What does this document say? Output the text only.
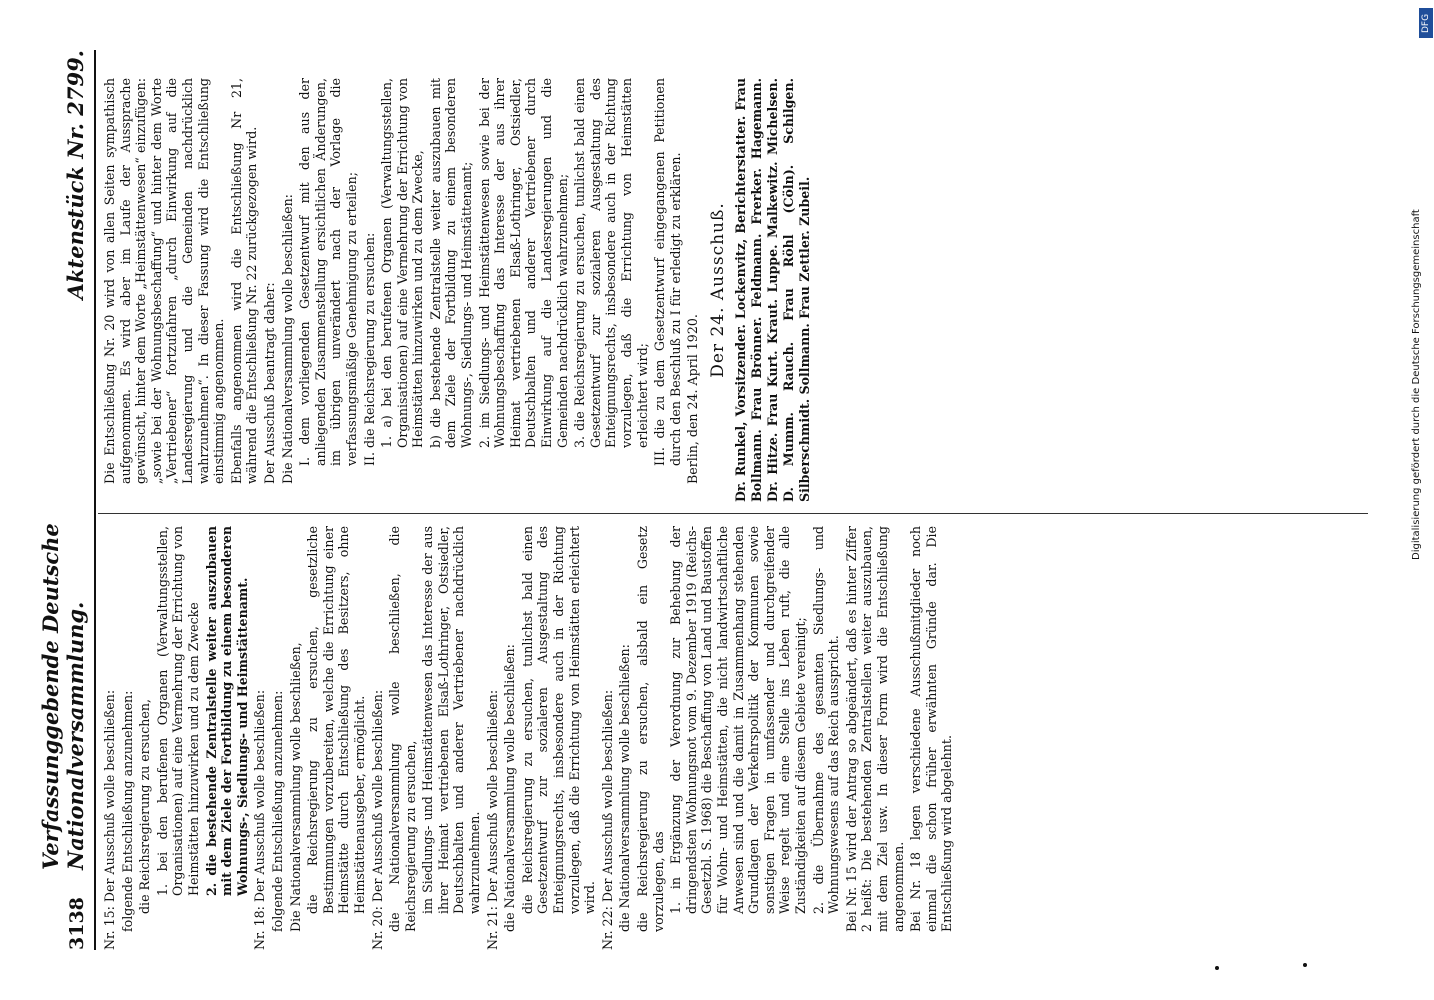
3138
Verfassunggebende Deutsche Nationalversammlung.
Aktenstück Nr. 2799.

Nr. 15: Der Ausschuß wolle beschließen: folgende Entschließung anzunehmen: die Reichsregierung zu ersuchen, 1. bei den berufenen Organen (Verwaltungsstellen, Organisationen) auf eine Vermehrung der Errichtung von Heimstätten hinzuwirken und zu dem Zwecke 2. die bestehende Zentralstelle weiter auszubauen mit dem Ziele der Fortbildung zu einem besonderen Wohnungs-, Siedlungs- und Heimstättenamt. Nr. 18: Der Ausschuß wolle beschließen: folgende Entschließung anzunehmen: Die Nationalversammlung wolle beschließen, die Reichsregierung zu ersuchen, gesetzliche Bestimmungen vorzubereiten, welche die Errichtung einer Heimstätte durch Entschließung des Besitzers, ohne Heimstättenausgeber, ermöglicht. Nr. 20: Der Ausschuß wolle beschließen: die Nationalversammlung wolle beschließen, die Reichsregierung zu ersuchen, im Siedlungs- und Heimstättenwesen das Interesse der aus ihrer Heimat vertriebenen Elsaß-Lothringer, Ostsiedler, Deutschbalten und anderer Vertriebener nachdrücklich wahrzunehmen. Nr. 21: Der Ausschuß wolle beschließen: die Nationalversammlung wolle beschließen: die Reichsregierung zu ersuchen, tunlichst bald einen Gesetzentwurf zur sozialeren Ausgestaltung des Enteignungsrechts, insbesondere auch in der Richtung vorzulegen, daß die Errichtung von Heimstätten erleichtert wird. Nr. 22: Der Ausschuß wolle beschließen: die Nationalversammlung wolle beschließen: die Reichsregierung zu ersuchen, alsbald ein Gesetz vorzulegen, das 1. in Ergänzung der Verordnung zur Behebung der dringendsten Wohnungsnot vom 9. Dezember 1919 (Reichs-Gesetzbl. S. 1968) die Beschaffung von Land und Baustoffen für Wohn- und Heimstätten, die nicht landwirtschaftliche Anwesen sind und die damit in Zusammenhang stehenden Grundlagen der Verkehrspolitik der Kommunen sowie sonstigen Fragen in umfassender und durchgreifender Weise regelt und eine Stelle ins Leben ruft, die alle Zuständigkeiten auf diesem Gebiete vereinigt; 2. die Übernahme des gesamten Siedlungs- und Wohnungswesens auf das Reich ausspricht. Bei Nr. 15 wird der Antrag so abgeändert, daß es hinter Ziffer 2 heißt: Die bestehenden Zentralstellen weiter auszubauen, mit dem Ziel usw. In dieser Form wird die Entschließung angenommen. Bei Nr. 18 legen verschiedene Ausschußmitglieder noch einmal die schon früher erwähnten Gründe dar. Die Entschließung wird abgelehnt.

Die Entschließung Nr. 20 wird von allen Seiten sympathisch aufgenommen. Es wird aber im Laufe der Aussprache gewünscht, hinter dem Worte „Heimstättenwesen“ einzufügen: „sowie bei der Wohnungsbeschaffung“ und hinter dem Worte „Vertriebener“ fortzufahren „durch Einwirkung auf die Landesregierung und die Gemeinden nachdrücklich wahrzunehmen“. In dieser Fassung wird die Entschließung einstimmig angenommen. Ebenfalls angenommen wird die Entschließung Nr 21, während die Entschließung Nr. 22 zurückgezogen wird. Der Ausschuß beantragt daher: Die Nationalversammlung wolle beschließen: I. dem vorliegenden Gesetzentwurf mit den aus der anliegenden Zusammenstellung ersichtlichen Änderungen, im übrigen unverändert nach der Vorlage die verfassungsmäßige Genehmigung zu erteilen; II. die Reichsregierung zu ersuchen: 1. a) bei den berufenen Organen (Verwaltungsstellen, Organisationen) auf eine Vermehrung der Errichtung von Heimstätten hinzuwirken und zu dem Zwecke, b) die bestehende Zentralstelle weiter auszubauen mit dem Ziele der Fortbildung zu einem besonderen Wohnungs-, Siedlungs- und Heimstättenamt; 2. im Siedlungs- und Heimstättenwesen sowie bei der Wohnungsbeschaffung das Interesse der aus ihrer Heimat vertriebenen Elsaß-Lothringer, Ostsiedler, Deutschbalten und anderer Vertriebener durch Einwirkung auf die Landesregierungen und die Gemeinden nachdrücklich wahrzunehmen; 3. die Reichsregierung zu ersuchen, tunlichst bald einen Gesetzentwurf zur sozialeren Ausgestaltung des Enteignungsrechts, insbesondere auch in der Richtung vorzulegen, daß die Errichtung von Heimstätten erleichtert wird; III. die zu dem Gesetzentwurf eingegangenen Petitionen durch den Beschluß zu I für erledigt zu erklären. Berlin, den 24. April 1920.

Der 24. Ausschuß. Dr. Runkel, Vorsitzender. Lockenvitz, Berichterstatter. Frau Bollmann. Frau Brönner. Feldmann. Frerker. Hagemann. Dr. Hitze. Frau Kurt. Kraut. Luppe. Malkewitz. Michelsen. D. Mumm. Rauch. Frau Röhl (Cöln). Schilgen. Silberschmidt. Sollmann. Frau Zettler. Zubeil.

DFG
Digitalisierung gefördert durch die Deutsche Forschungsgemeinschaft
